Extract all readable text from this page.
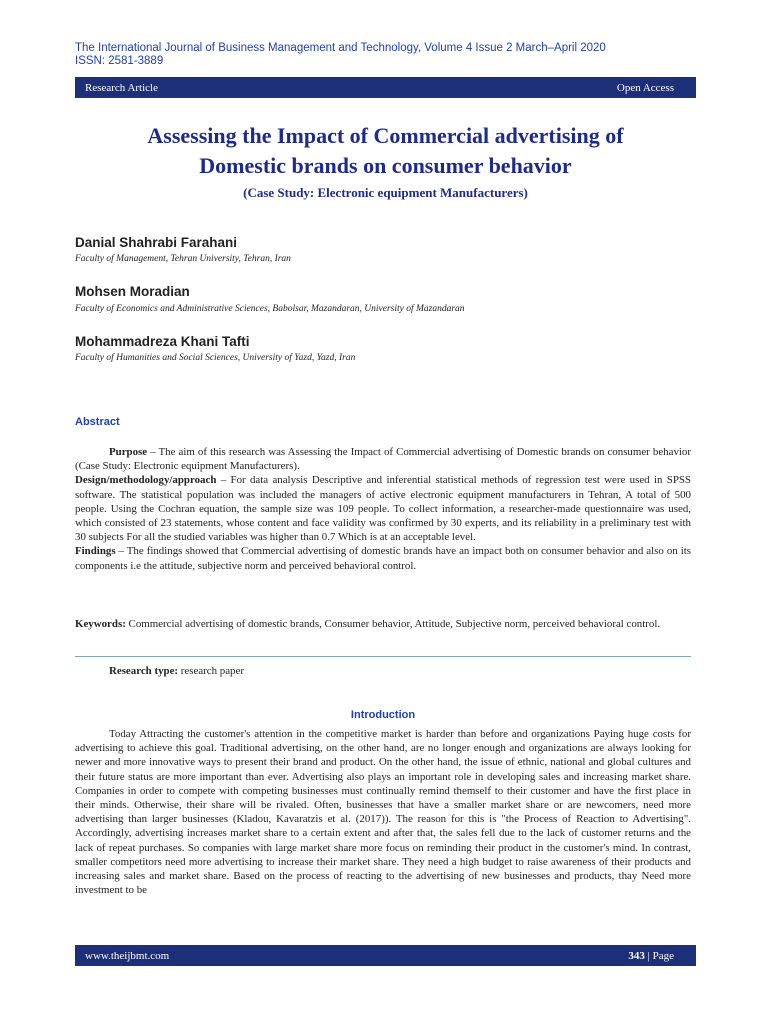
The International Journal of Business Management and Technology, Volume 4 Issue 2 March–April 2020
ISSN: 2581-3889
Research Article	Open Access
Assessing the Impact of Commercial advertising of
Domestic brands on consumer behavior
(Case Study: Electronic equipment Manufacturers)
Danial Shahrabi Farahani
Faculty of Management, Tehran University, Tehran, Iran
Mohsen Moradian
Faculty of Economics and Administrative Sciences, Babolsar, Mazandaran, University of Mazandaran
Mohammadreza Khani Tafti
Faculty of Humanities and Social Sciences, University of Yazd, Yazd, Iran
Abstract
Purpose – The aim of this research was Assessing the Impact of Commercial advertising of Domestic brands on consumer behavior (Case Study: Electronic equipment Manufacturers).
Design/methodology/approach – For data analysis Descriptive and inferential statistical methods of regression test were used in SPSS software. The statistical population was included the managers of active electronic equipment manufacturers in Tehran, A total of 500 people. Using the Cochran equation, the sample size was 109 people. To collect information, a researcher-made questionnaire was used, which consisted of 23 statements, whose content and face validity was confirmed by 30 experts, and its reliability in a preliminary test with 30 subjects For all the studied variables was higher than 0.7 Which is at an acceptable level.
Findings – The findings showed that Commercial advertising of domestic brands have an impact both on consumer behavior and also on its components i.e the attitude, subjective norm and perceived behavioral control.
Keywords: Commercial advertising of domestic brands, Consumer behavior, Attitude, Subjective norm, perceived behavioral control.
Research type: research paper
Introduction
Today Attracting the customer's attention in the competitive market is harder than before and organizations Paying huge costs for advertising to achieve this goal. Traditional advertising, on the other hand, are no longer enough and organizations are always looking for newer and more innovative ways to present their brand and product. On the other hand, the issue of ethnic, national and global cultures and their future status are more important than ever. Advertising also plays an important role in developing sales and increasing market share. Companies in order to compete with competing businesses must continually remind themself to their customer and have the first place in their minds. Otherwise, their share will be rivaled. Often, businesses that have a smaller market share or are newcomers, need more advertising than larger businesses (Kladou, Kavaratzis et al. (2017)). The reason for this is "the Process of Reaction to Advertising". Accordingly, advertising increases market share to a certain extent and after that, the sales fell due to the lack of customer returns and the lack of repeat purchases. So companies with large market share more focus on reminding their product in the customer's mind. In contrast, smaller competitors need more advertising to increase their market share. They need a high budget to raise awareness of their products and increasing sales and market share. Based on the process of reacting to the advertising of new businesses and products, thay Need more investment to be
www.theijbmt.com	343 | Page
